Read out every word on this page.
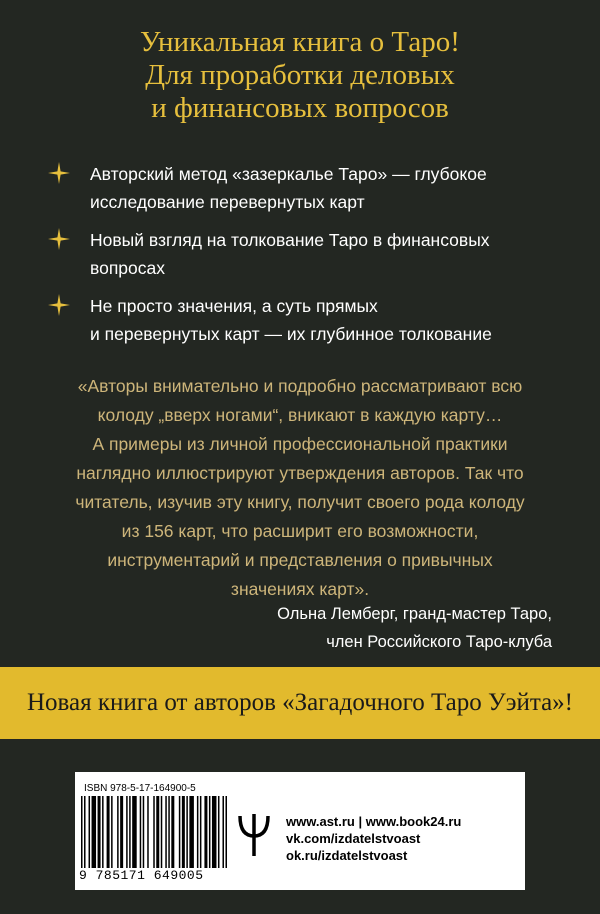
Уникальная книга о Таро!
Для проработки деловых
и финансовых вопросов
Авторский метод «зазеркалье Таро» — глубокое
исследование перевернутых карт
Новый взгляд на толкование Таро в финансовых
вопросах
Не просто значения, а суть прямых
и перевернутых карт — их глубинное толкование
«Авторы внимательно и подробно рассматривают всю
колоду „вверх ногами“, вникают в каждую карту…
А примеры из личной профессиональной практики
наглядно иллюстрируют утверждения авторов. Так что
читатель, изучив эту книгу, получит своего рода колоду
из 156 карт, что расширит его возможности,
инструментарий и представления о привычных
значениях карт».
Ольна Лемберг, гранд-мастер Таро,
член Российского Таро-клуба
Новая книга от авторов «Загадочного Таро Уэйта»!
ISBN 978-5-17-164900-5
9 785171 649005
www.ast.ru | www.book24.ru
vk.com/izdatelstvoast
ok.ru/izdatelstvoast
